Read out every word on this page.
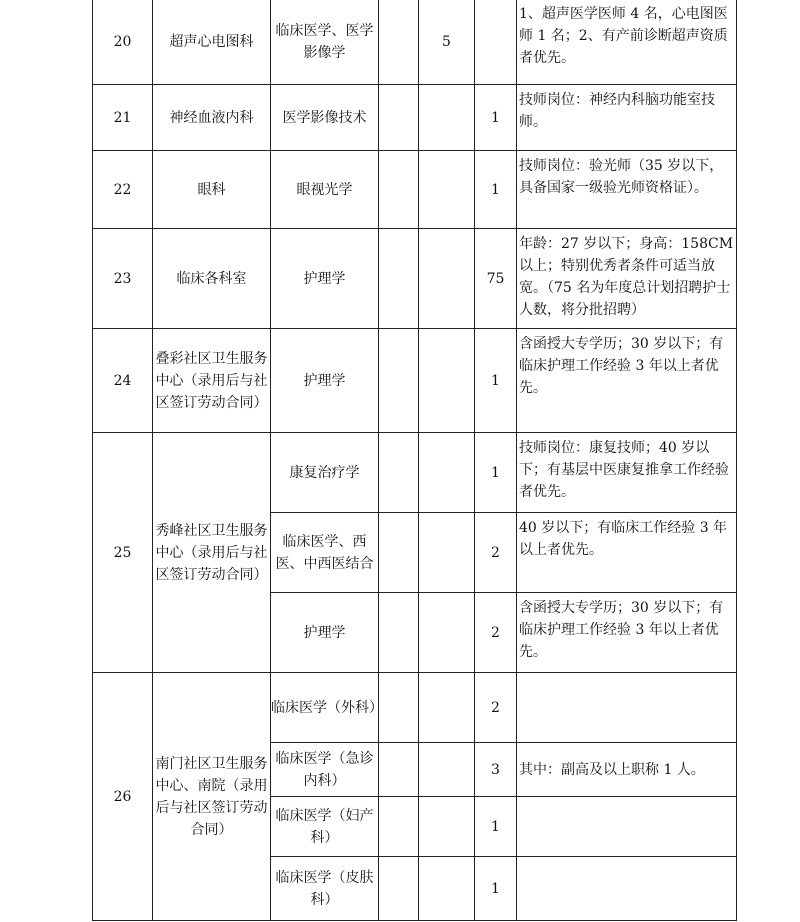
20	超声心电图科	临床医学、医学影像学		5		1、超声医学医师 4 名，心电图医师 1 名；2、有产前诊断超声资质者优先。
21	神经血液内科	医学影像技术			1	技师岗位：神经内科脑功能室技师。
22	眼科	眼视光学			1	技师岗位：验光师（35 岁以下，具备国家一级验光师资格证）。
23	临床各科室	护理学			75	年龄：27 岁以下；身高：158CM 以上；特别优秀者条件可适当放宽。（75 名为年度总计划招聘护士人数，将分批招聘）
24	叠彩社区卫生服务中心（录用后与社区签订劳动合同）	护理学			1	含函授大专学历；30 岁以下；有临床护理工作经验 3 年以上者优先。
25	秀峰社区卫生服务中心（录用后与社区签订劳动合同）	康复治疗学			1	技师岗位：康复技师；40 岁以下；有基层中医康复推拿工作经验者优先。
		临床医学、西医、中西医结合			2	40 岁以下；有临床工作经验 3 年以上者优先。
		护理学			2	含函授大专学历；30 岁以下；有临床护理工作经验 3 年以上者优先。
26	南门社区卫生服务中心、南院（录用后与社区签订劳动合同）	临床医学（外科）			2	
		临床医学（急诊内科）			3	其中：副高及以上职称 1 人。
		临床医学（妇产科）			1	
		临床医学（皮肤科）			1	
